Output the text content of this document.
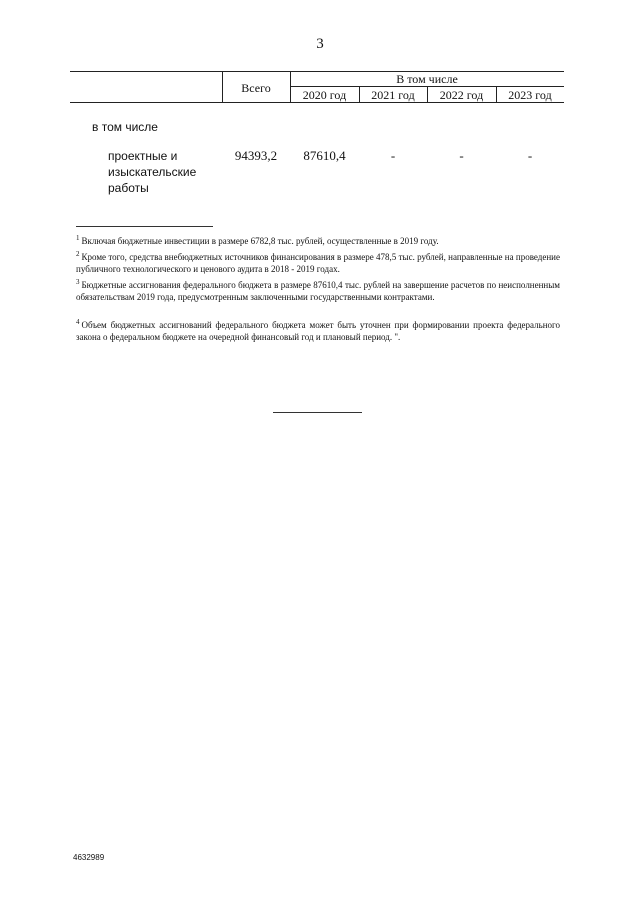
3
Всего
В том числе
2020 год	2021 год	2022 год	2023 год
в том числе
проектные и
изыскательские
работы
94393,2	87610,4	-	-	-
$^1$ Включая бюджетные инвестиции в размере 6782,8 тыс. рублей, осуществленные в 2019 году.
$^2$ Кроме того, средства внебюджетных источников финансирования в размере 478,5 тыс. рублей, направленные на проведение публичного технологического и ценового аудита в 2018 - 2019 годах.
$^3$ Бюджетные ассигнования федерального бюджета в размере 87610,4 тыс. рублей на завершение расчетов по неисполненным обязательствам 2019 года, предусмотренным заключенными государственными контрактами.
$^4$ Объем бюджетных ассигнований федерального бюджета может быть уточнен при формировании проекта федерального закона о федеральном бюджете на очередной финансовый год и плановый период. ".
4632989
